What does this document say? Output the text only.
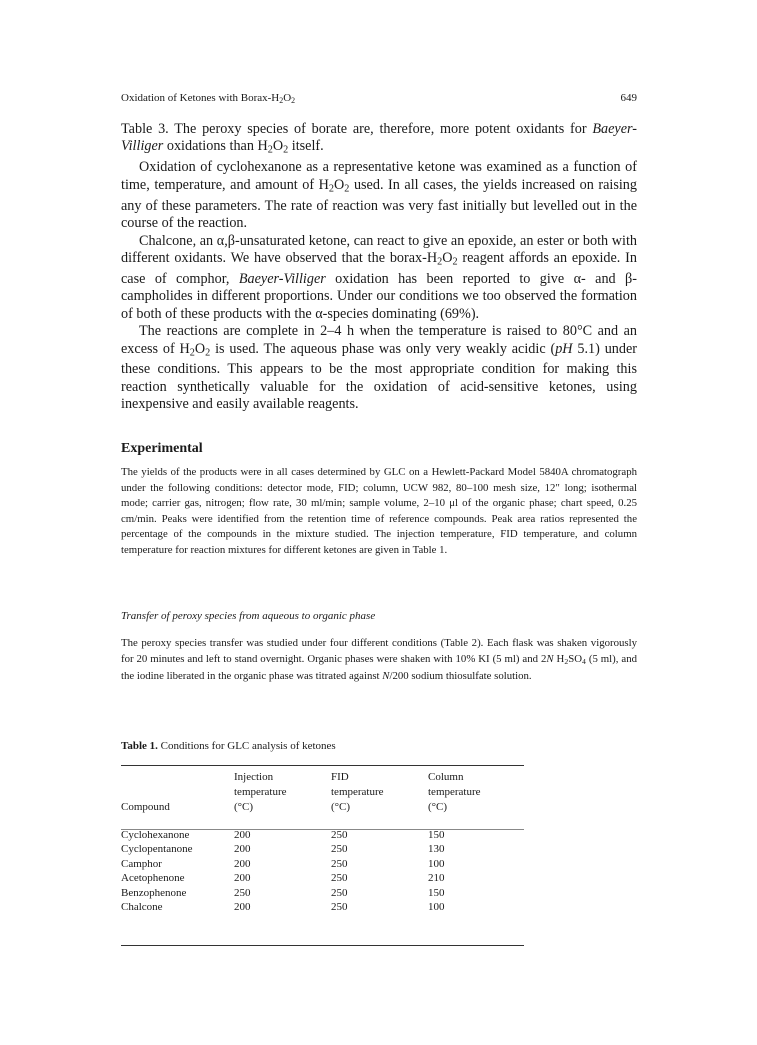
Oxidation of Ketones with Borax-$H_2O_2$	649

Table 3. The peroxy species of borate are, therefore, more potent oxidants for Baeyer-Villiger oxidations than $H_2O_2$ itself.

Oxidation of cyclohexanone as a representative ketone was examined as a function of time, temperature, and amount of $H_2O_2$ used. In all cases, the yields increased on raising any of these parameters. The rate of reaction was very fast initially but levelled out in the course of the reaction.

Chalcone, an α,β-unsaturated ketone, can react to give an epoxide, an ester or both with different oxidants. We have observed that the borax-$H_2O_2$ reagent affords an epoxide. In case of comphor, Baeyer-Villiger oxidation has been reported to give α- and β-campholides in different proportions. Under our conditions we too observed the formation of both of these products with the α-species dominating (69%).

The reactions are complete in 2–4 h when the temperature is raised to 80°C and an excess of $H_2O_2$ is used. The aqueous phase was only very weakly acidic (pH 5.1) under these conditions. This appears to be the most appropriate condition for making this reaction synthetically valuable for the oxidation of acid-sensitive ketones, using inexpensive and easily available reagents.

Experimental
The yields of the products were in all cases determined by GLC on a Hewlett-Packard Model 5840A chromatograph under the following conditions: detector mode, FID; column, UCW 982, 80–100 mesh size, 12″ long; isothermal mode; carrier gas, nitrogen; flow rate, 30 ml/min; sample volume, 2–10 μl of the organic phase; chart speed, 0.25 cm/min. Peaks were identified from the retention time of reference compounds. Peak area ratios represented the percentage of the compounds in the mixture studied. The injection temperature, FID temperature, and column temperature for reaction mixtures for different ketones are given in Table 1.
Transfer of peroxy species from aqueous to organic phase
The peroxy species transfer was studied under four different conditions (Table 2). Each flask was shaken vigorously for 20 minutes and left to stand overnight. Organic phases were shaken with 10% KI (5 ml) and 2N $H_2SO_4$ (5 ml), and the iodine liberated in the organic phase was titrated against N/200 sodium thiosulfate solution.
Table 1. Conditions for GLC analysis of ketones
	Injection	FID	Column
	temperature	temperature	temperature
Compound	(°C)	(°C)	(°C)

Cyclohexanone	200	250	150
Cyclopentanone	200	250	130
Camphor	200	250	100
Acetophenone	200	250	210
Benzophenone	250	250	150
Chalcone	200	250	100
